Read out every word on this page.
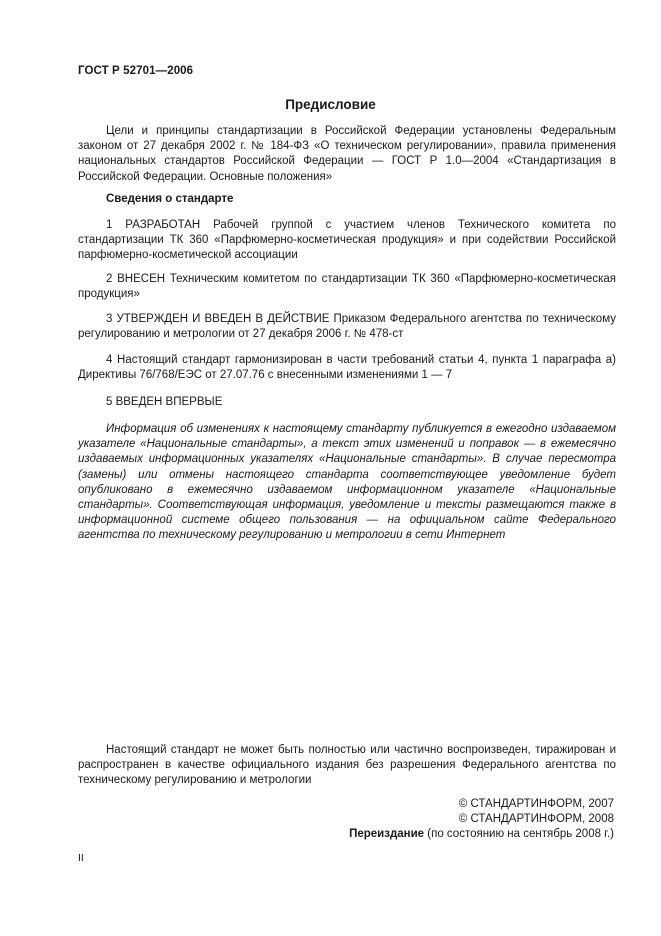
ГОСТ Р 52701—2006
Предисловие

Цели и принципы стандартизации в Российской Федерации установлены Федеральным законом от 27 декабря 2002 г. № 184-ФЗ «О техническом регулировании», правила применения национальных стандартов Российской Федерации — ГОСТ Р 1.0—2004 «Стандартизация в Российской Федерации. Основные положения»

Сведения о стандарте

1 РАЗРАБОТАН Рабочей группой с участием членов Технического комитета по стандартизации ТК 360 «Парфюмерно-косметическая продукция» и при содействии Российской парфюмерно-косметической ассоциации

2 ВНЕСЕН Техническим комитетом по стандартизации ТК 360 «Парфюмерно-косметическая продукция»

3 УТВЕРЖДЕН И ВВЕДЕН В ДЕЙСТВИЕ Приказом Федерального агентства по техническому регулированию и метрологии от 27 декабря 2006 г. № 478-ст

4 Настоящий стандарт гармонизирован в части требований статьи 4, пункта 1 параграфа а) Директивы 76/768/ЕЭС от 27.07.76 с внесенными изменениями 1 — 7

5 ВВЕДЕН ВПЕРВЫЕ

Информация об изменениях к настоящему стандарту публикуется в ежегодно издаваемом указателе «Национальные стандарты», а текст этих изменений и поправок — в ежемесячно издаваемых информационных указателях «Национальные стандарты». В случае пересмотра (замены) или отмены настоящего стандарта соответствующее уведомление будет опубликовано в ежемесячно издаваемом информационном указателе «Национальные стандарты». Соответствующая информация, уведомление и тексты размещаются также в информационной системе общего пользования — на официальном сайте Федерального агентства по техническому регулированию и метрологии в сети Интернет

Настоящий стандарт не может быть полностью или частично воспроизведен, тиражирован и распространен в качестве официального издания без разрешения Федерального агентства по техническому регулированию и метрологии

© СТАНДАРТИНФОРМ, 2007
© СТАНДАРТИНФОРМ, 2008
Переиздание (по состоянию на сентябрь 2008 г.)
II
